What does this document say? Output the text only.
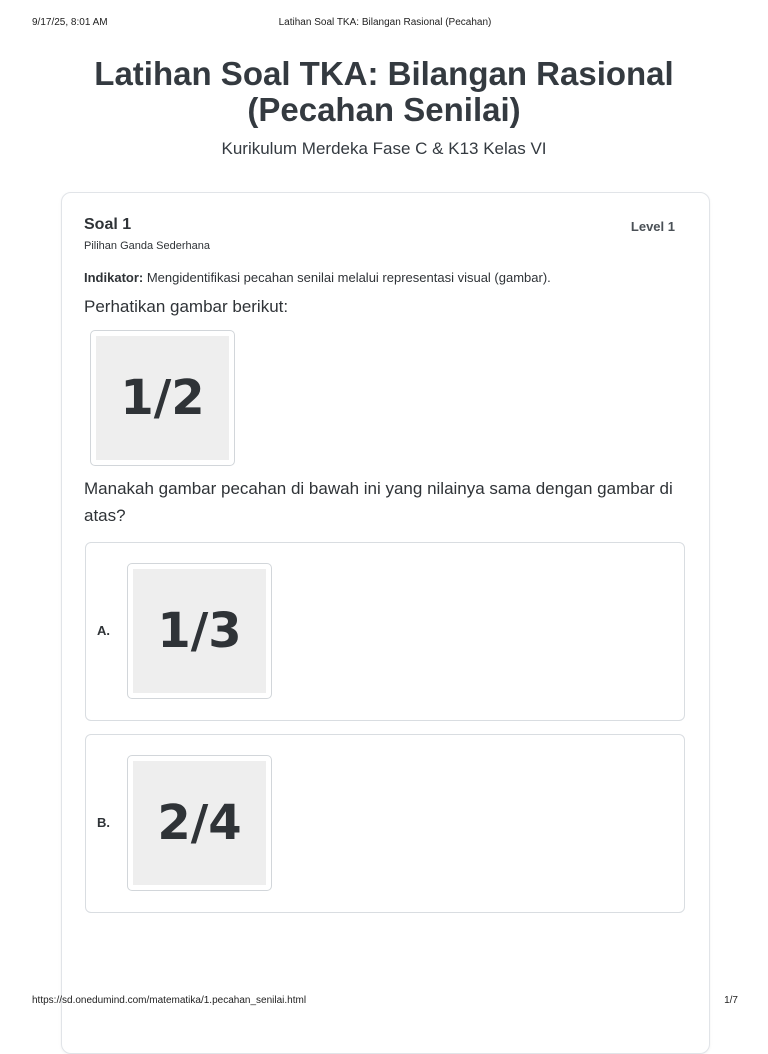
9/17/25, 8:01 AM	Latihan Soal TKA: Bilangan Rasional (Pecahan)
Latihan Soal TKA: Bilangan Rasional (Pecahan Senilai)
Kurikulum Merdeka Fase C & K13 Kelas VI
Soal 1
Pilihan Ganda Sederhana
Level 1
Indikator: Mengidentifikasi pecahan senilai melalui representasi visual (gambar).
Perhatikan gambar berikut:
1/2
Manakah gambar pecahan di bawah ini yang nilainya sama dengan gambar di atas?
A. 1/3
B. 2/4
https://sd.onedumind.com/matematika/1.pecahan_senilai.html	1/7
